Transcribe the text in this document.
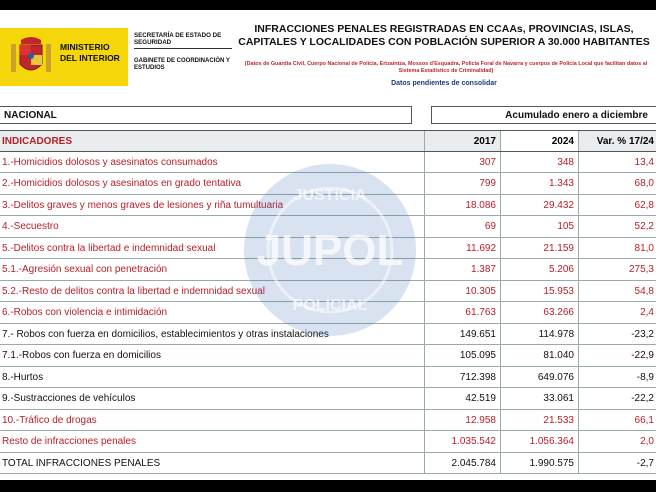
MINISTERIO DEL INTERIOR
SECRETARÍA DE ESTADO DE SEGURIDAD
GABINETE DE COORDINACIÓN Y ESTUDIOS
INFRACCIONES PENALES REGISTRADAS EN CCAAs, PROVINCIAS, ISLAS, CAPITALES Y LOCALIDADES CON POBLACIÓN SUPERIOR A 30.000 HABITANTES
(Datos de Guardia Civil, Cuerpo Nacional de Policía, Ertzaintza, Mossos d'Esquadra, Policía Foral de Navarra y cuerpos de Policía Local que facilitan datos al Sistema Estadístico de Criminalidad)
Datos pendientes de consolidar
NACIONAL	Acumulado enero a diciembre
INDICADORES	2017	2024	Var. % 17/24
1.-Homicidios dolosos y asesinatos consumados	307	348	13,4
2.-Homicidios dolosos y asesinatos en grado tentativa	799	1.343	68,0
3.-Delitos graves y menos graves de lesiones y riña tumultuaria	18.086	29.432	62,8
4.-Secuestro	69	105	52,2
5.-Delitos contra la libertad e indemnidad sexual	11.692	21.159	81,0
5.1.-Agresión sexual con penetración	1.387	5.206	275,3
5.2.-Resto de delitos contra la libertad e indemnidad sexual	10.305	15.953	54,8
6.-Robos con violencia e intimidación	61.763	63.266	2,4
7.- Robos con fuerza en domicilios, establecimientos y otras instalaciones	149.651	114.978	-23,2
7.1.-Robos con fuerza en domicilios	105.095	81.040	-22,9
8.-Hurtos	712.398	649.076	-8,9
9.-Sustracciones de vehículos	42.519	33.061	-22,2
10.-Tráfico de drogas	12.958	21.533	66,1
Resto de infracciones penales	1.035.542	1.056.364	2,0
TOTAL INFRACCIONES PENALES	2.045.784	1.990.575	-2,7
JUSTICIA
JUPOL
POLICIAL
